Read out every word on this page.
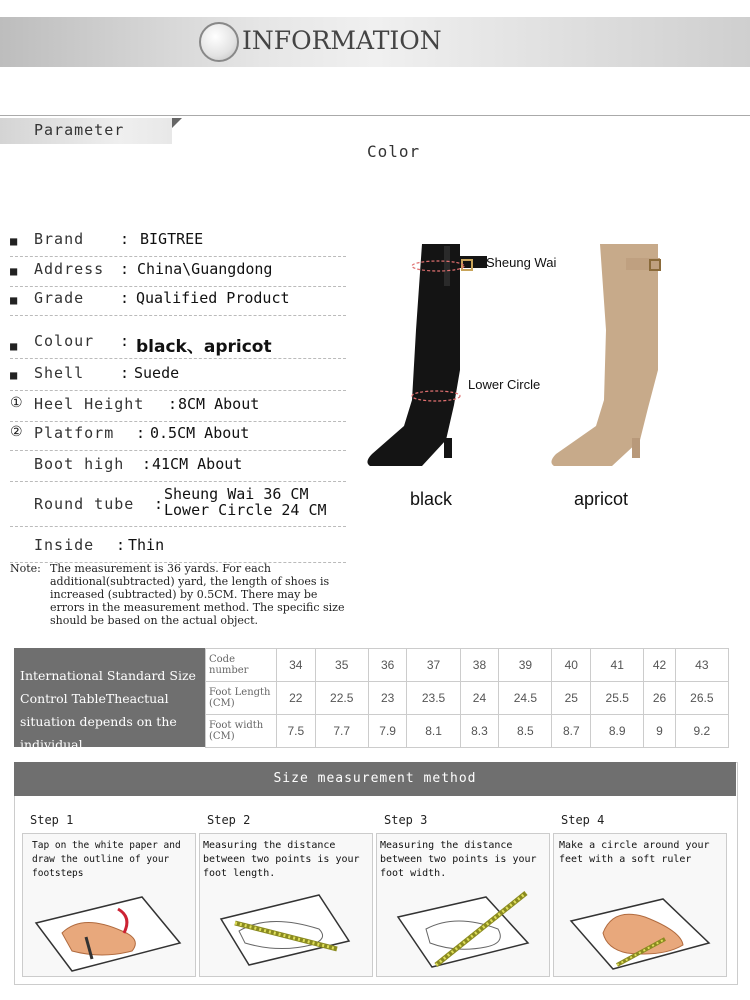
INFORMATION
Parameter
Color
■ Brand : BIGTREE
■ Address : China\Guangdong
■ Grade : Qualified Product
■ Colour : black、apricot
■ Shell : Suede
① Heel Height : 8CM About
② Platform : 0.5CM About
Boot high : 41CM About
Round tube :
Sheung Wai 36 CM
Lower Circle 24 CM
Inside : Thin
Note: The measurement is 36 yards. For each additional(subtracted) yard, the length of shoes is increased (subtracted) by 0.5CM. There may be errors in the measurement method. The specific size should be based on the actual object.
Sheung Wai
Lower Circle
black	apricot
International Standard Size Control TableTheactual situation depends on the individual.
Code number	34	35	36	37	38	39	40	41	42	43
Foot Length (CM)	22	22.5	23	23.5	24	24.5	25	25.5	26	26.5
Foot width (CM)	7.5	7.7	7.9	8.1	8.3	8.5	8.7	8.9	9	9.2
Size measurement method
Step 1
Tap on the white paper and draw the outline of your footsteps
Step 2
Measuring the distance between two points is your foot length.
Step 3
Measuring the distance between two points is your foot width.
Step 4
Make a circle around your feet with a soft ruler
